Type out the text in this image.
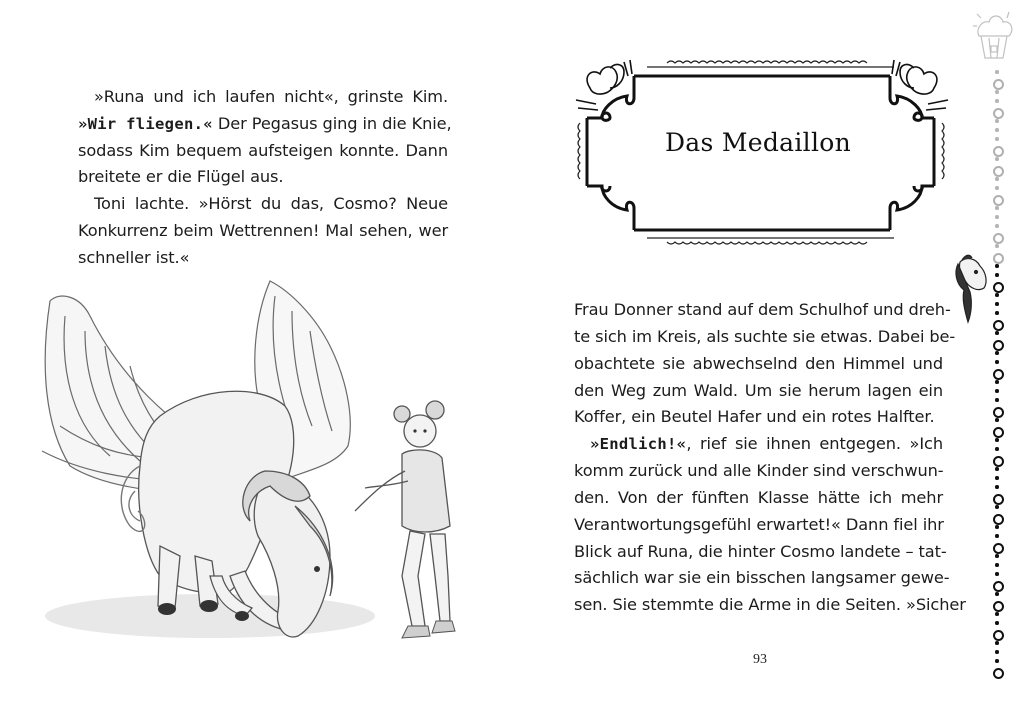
»Runa und ich laufen nicht«, grinste Kim.
»Wir fliegen.« Der Pegasus ging in die Knie,
sodass Kim bequem aufsteigen konnte. Dann
breitete er die Flügel aus.
Toni lachte. »Hörst du das, Cosmo? Neue
Konkurrenz beim Wettrennen! Mal sehen, wer
schneller ist.«
Das Medaillon
Frau Donner stand auf dem Schulhof und dreh-
te sich im Kreis, als suchte sie etwas. Dabei be-
obachtete sie abwechselnd den Himmel und
den Weg zum Wald. Um sie herum lagen ein
Koffer, ein Beutel Hafer und ein rotes Halfter.
»Endlich!«, rief sie ihnen entgegen. »Ich
komm zurück und alle Kinder sind verschwun-
den. Von der fünften Klasse hätte ich mehr
Verantwortungsgefühl erwartet!« Dann fiel ihr
Blick auf Runa, die hinter Cosmo landete – tat-
sächlich war sie ein bisschen langsamer gewe-
sen. Sie stemmte die Arme in die Seiten. »Sicher
93
